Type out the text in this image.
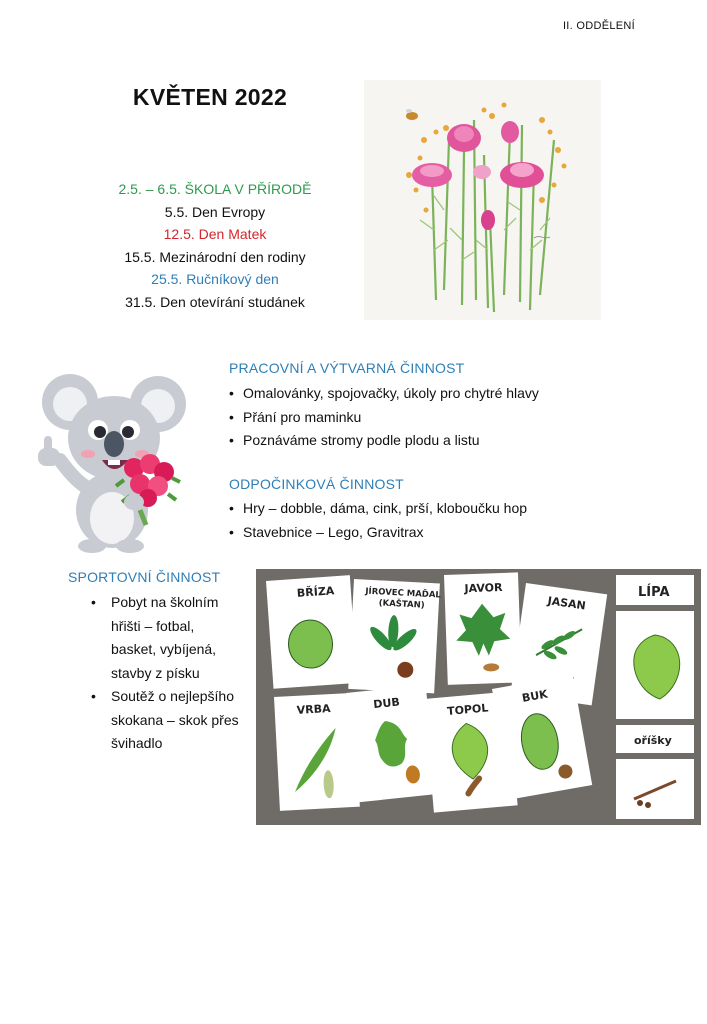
II. ODDĚLENÍ
KVĚTEN 2022
2.5. – 6.5. ŠKOLA V PŘÍRODĚ
5.5. Den Evropy
12.5. Den Matek
15.5. Mezinárodní den rodiny
25.5. Ručníkový den
31.5. Den otevírání studánek
PRACOVNÍ A VÝTVARNÁ ČINNOST
• Omalovánky, spojovačky, úkoly pro chytré hlavy
• Přání pro maminku
• Poznáváme stromy podle plodu a listu
ODPOČINKOVÁ ČINNOST
• Hry – dobble, dáma, cink, prší, kloboučku hop
• Stavebnice – Lego, Gravitrax
SPORTOVNÍ ČINNOST
• Pobyt na školním hřišti – fotbal, basket, vybíjená, stavby z písku
• Soutěž o nejlepšího skokana – skok přes švihadlo
BŘÍZA	JÍROVEC MAĎAL
(KAŠTAN)
JAVOR
JASAN
LÍPA
oříšky
VRBA	DUB	TOPOL
BUK
